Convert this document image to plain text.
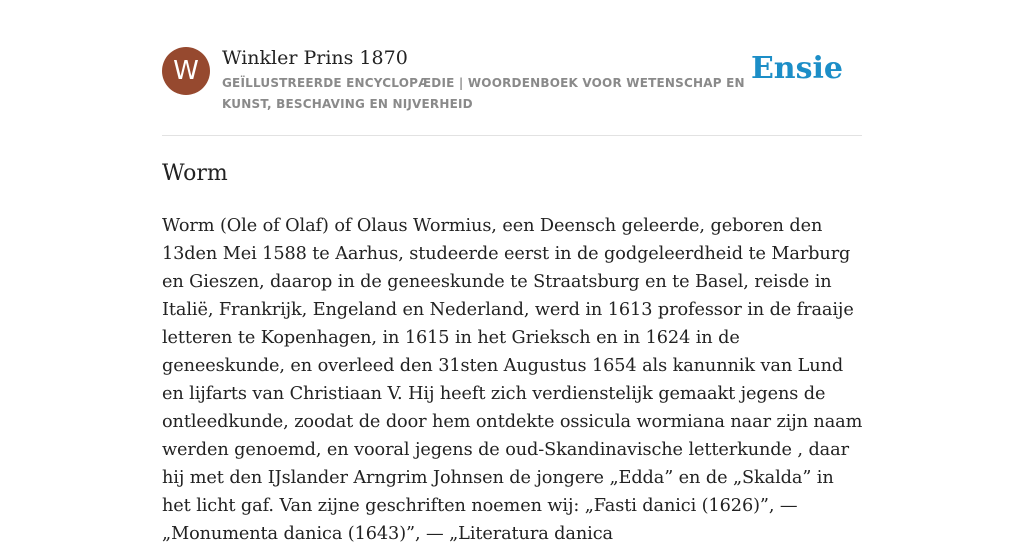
W	Winkler Prins 1870
GEÏLLUSTREERDE ENCYCLOPÆDIE | WOORDENBOEK VOOR WETENSCHAP EN KUNST, BESCHAVING EN NIJVERHEID
Ensie
Worm

Worm (Ole of Olaf) of Olaus Wormius, een Deensch geleerde, geboren den 13den Mei 1588 te Aarhus, studeerde eerst in de godgeleerdheid te Marburg en Gieszen, daarop in de geneeskunde te Straatsburg en te Basel, reisde in Italië, Frankrijk, Engeland en Nederland, werd in 1613 professor in de fraaije letteren te Kopenhagen, in 1615 in het Grieksch en in 1624 in de geneeskunde, en overleed den 31sten Augustus 1654 als kanunnik van Lund en lijfarts van Christiaan V. Hij heeft zich verdienstelijk gemaakt jegens de ontleedkunde, zoodat de door hem ontdekte ossicula wormiana naar zijn naam werden genoemd, en vooral jegens de oud-Skandinavische letterkunde , daar hij met den IJslander Arngrim Johnsen de jongere „Edda” en de „Skalda” in het licht gaf. Van zijne geschriften noemen wij: „Fasti danici (1626)”, — „Monumenta danica (1643)”, — „Literatura danica
